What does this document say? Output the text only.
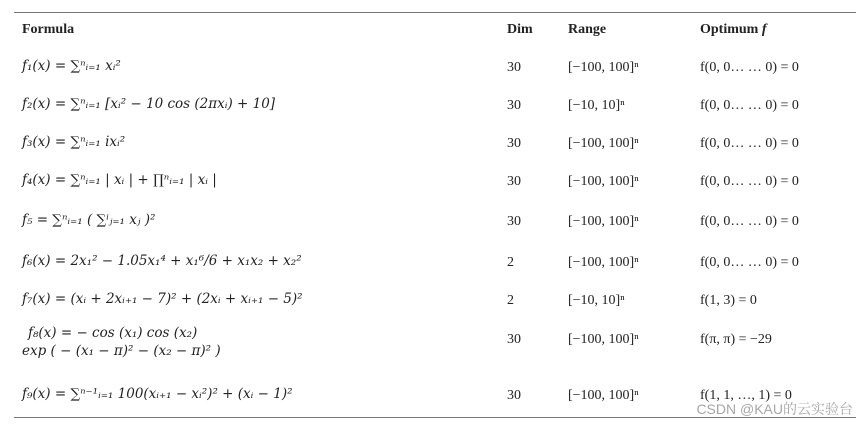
Formula	Dim	Range	Optimum f
f₁(x) = ∑ⁿᵢ₌₁ xᵢ²	30	[−100, 100]ⁿ	f(0, 0… … 0) = 0
f₂(x) = ∑ⁿᵢ₌₁ [xᵢ² − 10 cos (2πxᵢ) + 10]	30	[−10, 10]ⁿ	f(0, 0… … 0) = 0
f₃(x) = ∑ⁿᵢ₌₁ ixᵢ²	30	[−100, 100]ⁿ	f(0, 0… … 0) = 0
f₄(x) = ∑ⁿᵢ₌₁ | xᵢ | + ∏ⁿᵢ₌₁ | xᵢ |	30	[−100, 100]ⁿ	f(0, 0… … 0) = 0
f₅ = ∑ⁿᵢ₌₁ ( ∑ⁱⱼ₌₁ xⱼ )²	30	[−100, 100]ⁿ	f(0, 0… … 0) = 0
f₆(x) = 2x₁² − 1.05x₁⁴ + x₁⁶/6 + x₁x₂ + x₂²	2	[−100, 100]ⁿ	f(0, 0… … 0) = 0
f₇(x) = (xᵢ + 2xᵢ₊₁ − 7)² + (2xᵢ + xᵢ₊₁ − 5)²	2	[−10, 10]ⁿ	f(1, 3) = 0
f₈(x) = − cos (x₁) cos (x₂)
exp ( − (x₁ − π)² − (x₂ − π)² )
30	[−100, 100]ⁿ	f(π, π) = −29
f₉(x) = ∑ⁿ⁻¹ᵢ₌₁ 100(xᵢ₊₁ − xᵢ²)² + (xᵢ − 1)²	30	[−100, 100]ⁿ	f(1, 1, …, 1) = 0
CSDN @KAU的云实验台
